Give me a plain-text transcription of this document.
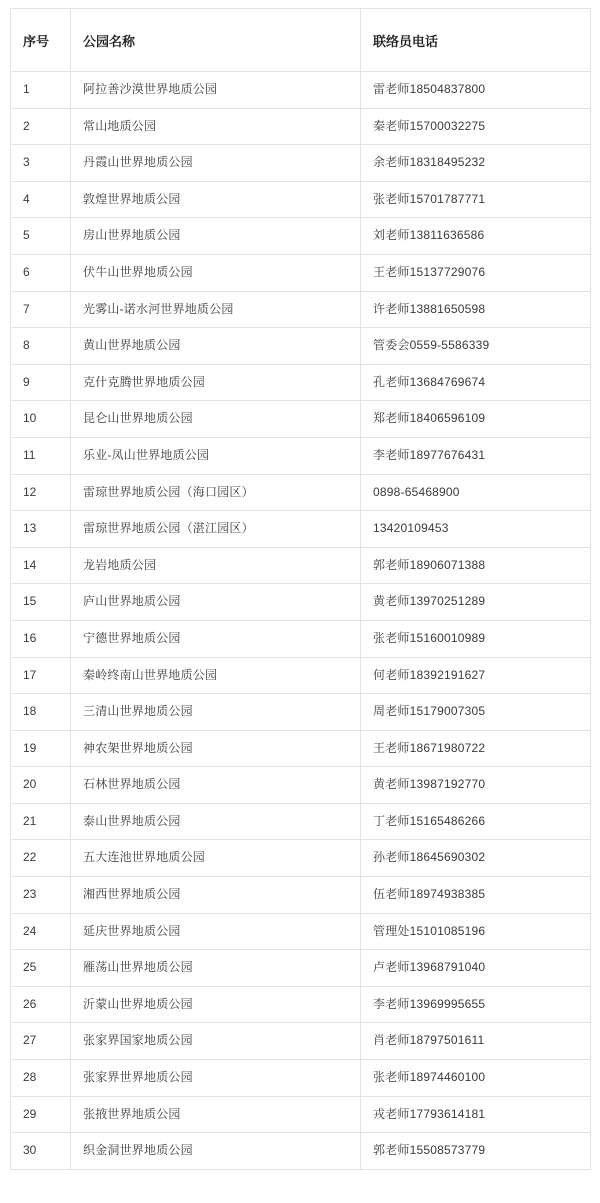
序号	公园名称	联络员电话
1	阿拉善沙漠世界地质公园	雷老师18504837800
2	常山地质公园	秦老师15700032275
3	丹霞山世界地质公园	余老师18318495232
4	敦煌世界地质公园	张老师15701787771
5	房山世界地质公园	刘老师13811636586
6	伏牛山世界地质公园	王老师15137729076
7	光雾山-诺水河世界地质公园	许老师13881650598
8	黄山世界地质公园	管委会0559-5586339
9	克什克腾世界地质公园	孔老师13684769674
10	昆仑山世界地质公园	郑老师18406596109
11	乐业-凤山世界地质公园	李老师18977676431
12	雷琼世界地质公园（海口园区）	0898-65468900
13	雷琼世界地质公园（湛江园区）	13420109453
14	龙岩地质公园	郭老师18906071388
15	庐山世界地质公园	黄老师13970251289
16	宁德世界地质公园	张老师15160010989
17	秦岭终南山世界地质公园	何老师18392191627
18	三清山世界地质公园	周老师15179007305
19	神农架世界地质公园	王老师18671980722
20	石林世界地质公园	黄老师13987192770
21	泰山世界地质公园	丁老师15165486266
22	五大连池世界地质公园	孙老师18645690302
23	湘西世界地质公园	伍老师18974938385
24	延庆世界地质公园	管理处15101085196
25	雁荡山世界地质公园	卢老师13968791040
26	沂蒙山世界地质公园	李老师13969995655
27	张家界国家地质公园	肖老师18797501611
28	张家界世界地质公园	张老师18974460100
29	张掖世界地质公园	戎老师17793614181
30	织金洞世界地质公园	郭老师15508573779
